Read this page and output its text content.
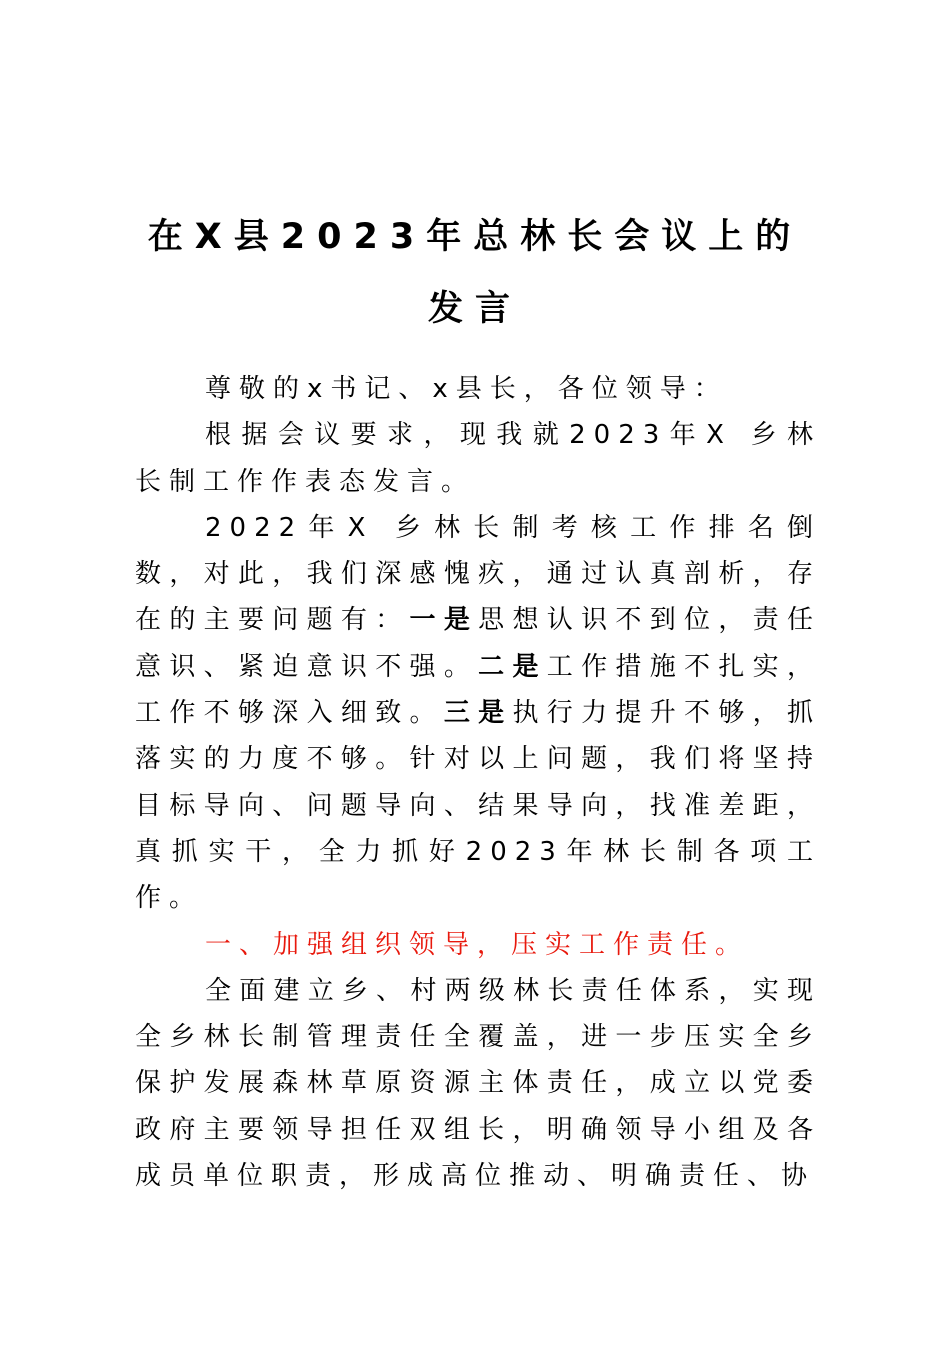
在X县2023年总林长会议上的
发言

尊敬的x书记、x县长，各位领导：

根据会议要求，现我就2023年X 乡林长制工作作表态发言。

2022年X 乡林长制考核工作排名倒数，对此，我们深感愧疚，通过认真剖析，存在的主要问题有：一是思想认识不到位，责任意识、紧迫意识不强。二是工作措施不扎实，工作不够深入细致。三是执行力提升不够，抓落实的力度不够。针对以上问题，我们将坚持目标导向、问题导向、结果导向，找准差距，真抓实干，全力抓好2023年林长制各项工作。

一、加强组织领导，压实工作责任。

全面建立乡、村两级林长责任体系，实现全乡林长制管理责任全覆盖，进一步压实全乡保护发展森林草原资源主体责任，成立以党委政府主要领导担任双组长，明确领导小组及各成员单位职责，形成高位推动、明确责任、协
